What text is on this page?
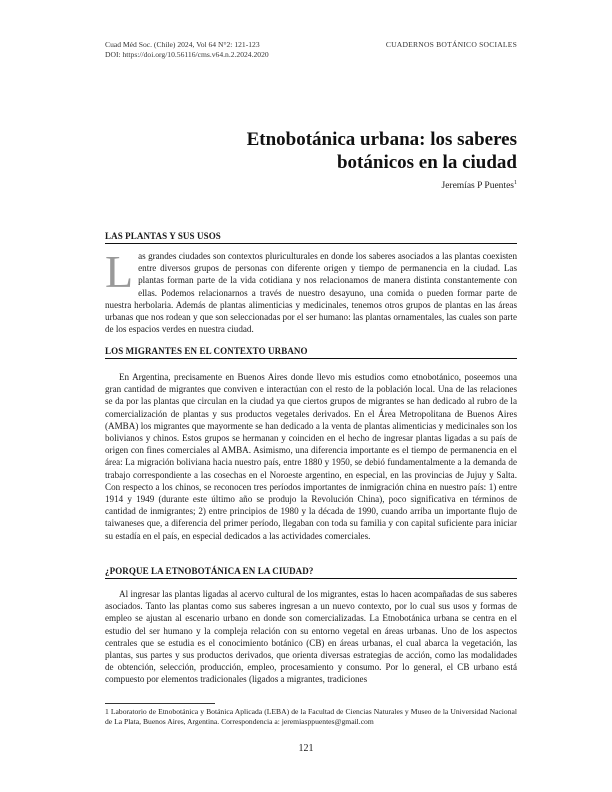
Cuad Méd Soc. (Chile) 2024, Vol 64 N°2: 121-123
DOI: https://doi.org/10.56116/cms.v64.n.2.2024.2020
CUADERNOS BOTÁNICO SOCIALES
Etnobotánica urbana: los saberes botánicos en la ciudad
Jeremías P Puentes$^1$
LAS PLANTAS Y SUS USOS

Las grandes ciudades son contextos pluriculturales en donde los saberes asociados a las plantas coexisten entre diversos grupos de personas con diferente origen y tiempo de permanencia en la ciudad. Las plantas forman parte de la vida cotidiana y nos relacionamos de manera distinta constantemente con ellas. Podemos relacionarnos a través de nuestro desayuno, una comida o pueden formar parte de nuestra herbolaria. Además de plantas alimenticias y medicinales, tenemos otros grupos de plantas en las áreas urbanas que nos rodean y que son seleccionadas por el ser humano: las plantas ornamentales, las cuales son parte de los espacios verdes en nuestra ciudad.

LOS MIGRANTES EN EL CONTEXTO URBANO

En Argentina, precisamente en Buenos Aires donde llevo mis estudios como etnobotánico, poseemos una gran cantidad de migrantes que conviven e interactúan con el resto de la población local. Una de las relaciones se da por las plantas que circulan en la ciudad ya que ciertos grupos de migrantes se han dedicado al rubro de la comercialización de plantas y sus productos vegetales derivados. En el Área Metropolitana de Buenos Aires (AMBA) los migrantes que mayormente se han dedicado a la venta de plantas alimenticias y medicinales son los bolivianos y chinos. Estos grupos se hermanan y coinciden en el hecho de ingresar plantas ligadas a su país de origen con fines comerciales al AMBA. Asimismo, una diferencia importante es el tiempo de permanencia en el área: La migración boliviana hacia nuestro país, entre 1880 y 1950, se debió fundamentalmente a la demanda de trabajo correspondiente a las cosechas en el Noroeste argentino, en especial, en las provincias de Jujuy y Salta. Con respecto a los chinos, se reconocen tres períodos importantes de inmigración china en nuestro país: 1) entre 1914 y 1949 (durante este último año se produjo la Revolución China), poco significativa en términos de cantidad de inmigrantes; 2) entre principios de 1980 y la década de 1990, cuando arriba un importante flujo de taiwaneses que, a diferencia del primer período, llegaban con toda su familia y con capital suficiente para iniciar su estadía en el país, en especial dedicados a las actividades comerciales.

¿PORQUE LA ETNOBOTÁNICA EN LA CIUDAD?

Al ingresar las plantas ligadas al acervo cultural de los migrantes, estas lo hacen acompañadas de sus saberes asociados. Tanto las plantas como sus saberes ingresan a un nuevo contexto, por lo cual sus usos y formas de empleo se ajustan al escenario urbano en donde son comercializadas. La Etnobotánica urbana se centra en el estudio del ser humano y la compleja relación con su entorno vegetal en áreas urbanas. Uno de los aspectos centrales que se estudia es el conocimiento botánico (CB) en áreas urbanas, el cual abarca la vegetación, las plantas, sus partes y sus productos derivados, que orienta diversas estrategias de acción, como las modalidades de obtención, selección, producción, empleo, procesamiento y consumo. Por lo general, el CB urbano está compuesto por elementos tradicionales (ligados a migrantes, tradiciones

1 Laboratorio de Etnobotánica y Botánica Aplicada (LEBA) de la Facultad de Ciencias Naturales y Museo de la Universidad Nacional de La Plata, Buenos Aires, Argentina. Correspondencia a: jeremiasppuentes@gmail.com

121
